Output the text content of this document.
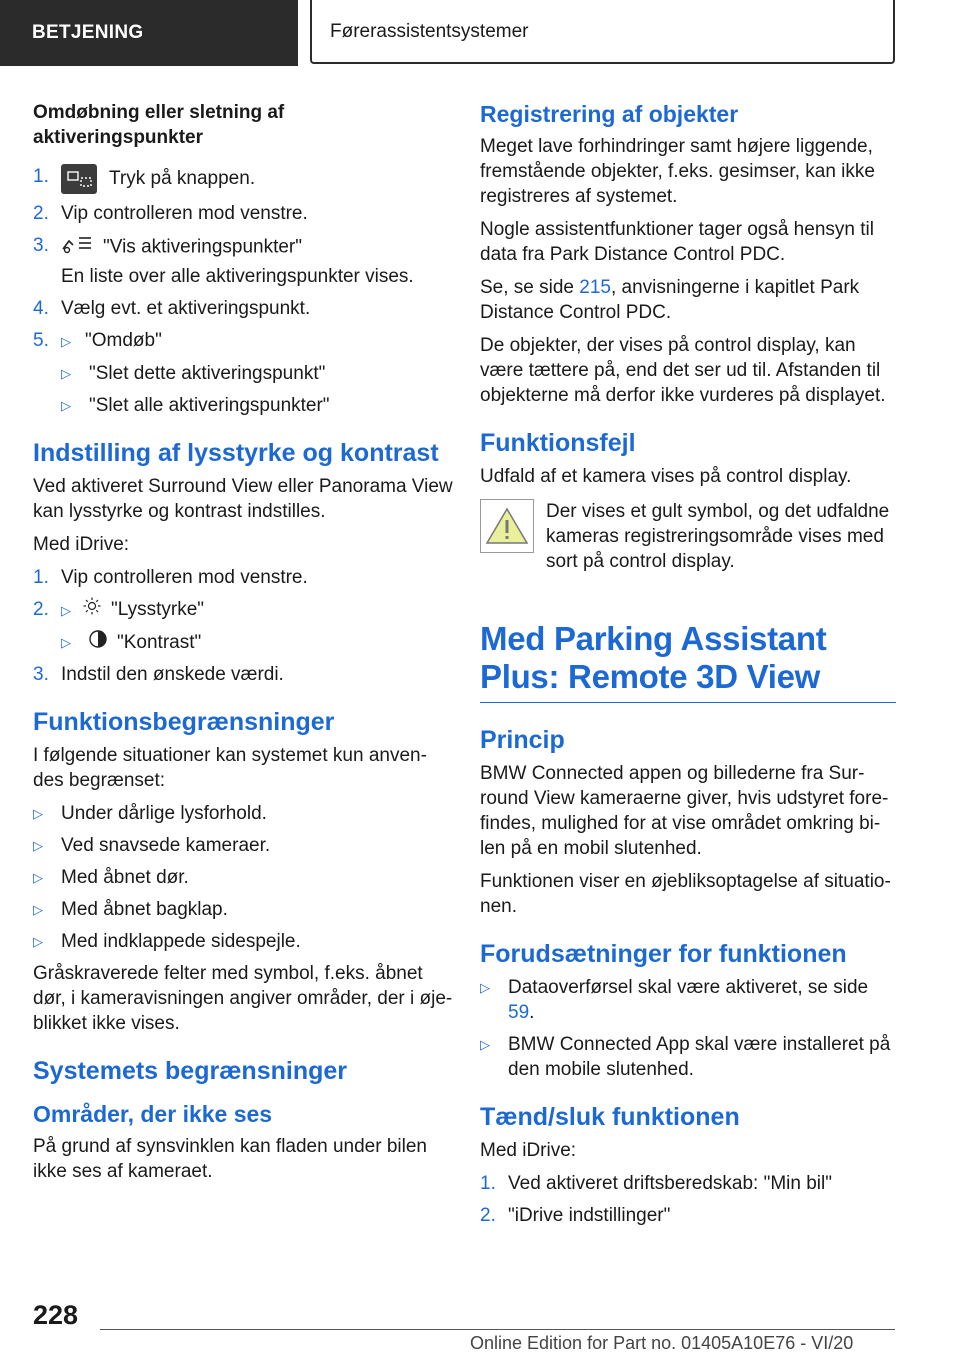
BETJENING	Førerassistentsystemer
Omdøbning eller sletning af aktiveringspunkter
1.	Tryk på knappen.
2. Vip controlleren mod venstre.
3.	"Vis aktiveringspunkter"
En liste over alle aktiveringspunkter vises.
4. Vælg evt. et aktiveringspunkt.
5. ▷ "Omdøb"
▷ "Slet dette aktiveringspunkt"
▷ "Slet alle aktiveringspunkter"
Indstilling af lysstyrke og kontrast

Ved aktiveret Surround View eller Panorama View kan lysstyrke og kontrast indstilles.

Med iDrive:

1. Vip controlleren mod venstre.
2. ▷ "Lysstyrke"
▷ "Kontrast"
3. Indstil den ønskede værdi.
Funktionsbegrænsninger

I følgende situationer kan systemet kun anven-des begrænset:

▷ Under dårlige lysforhold.
▷ Ved snavsede kameraer.
▷ Med åbnet dør.
▷ Med åbnet bagklap.
▷ Med indklappede sidespejle.

Gråskraverede felter med symbol, f.eks. åbnet dør, i kameravisningen angiver områder, der i øje-blikket ikke vises.

Systemets begrænsninger
Områder, der ikke ses

På grund af synsvinklen kan fladen under bilen ikke ses af kameraet.

Registrering af objekter

Meget lave forhindringer samt højere liggende, fremstående objekter, f.eks. gesimser, kan ikke registreres af systemet.

Nogle assistentfunktioner tager også hensyn til data fra Park Distance Control PDC.

Se, se side 215, anvisningerne i kapitlet Park Distance Control PDC.

De objekter, der vises på control display, kan være tættere på, end det ser ud til. Afstanden til objekterne må derfor ikke vurderes på displayet.

Funktionsfejl

Udfald af et kamera vises på control display.

Der vises et gult symbol, og det udfaldne kameras registreringsområde vises med sort på control display.

Med Parking Assistant Plus: Remote 3D View
Princip

BMW Connected appen og billederne fra Sur-round View kameraerne giver, hvis udstyret fore-findes, mulighed for at vise området omkring bi-len på en mobil slutenhed.

Funktionen viser en øjebliksoptagelse af situatio-nen.

Forudsætninger for funktionen
▷ Dataoverførsel skal være aktiveret, se side 59.
▷ BMW Connected App skal være installeret på den mobile slutenhed.
Tænd/sluk funktionen

Med iDrive:

1. Ved aktiveret driftsberedskab: "Min bil"
2. "iDrive indstillinger"
228
Online Edition for Part no. 01405A10E76 - VI/20
